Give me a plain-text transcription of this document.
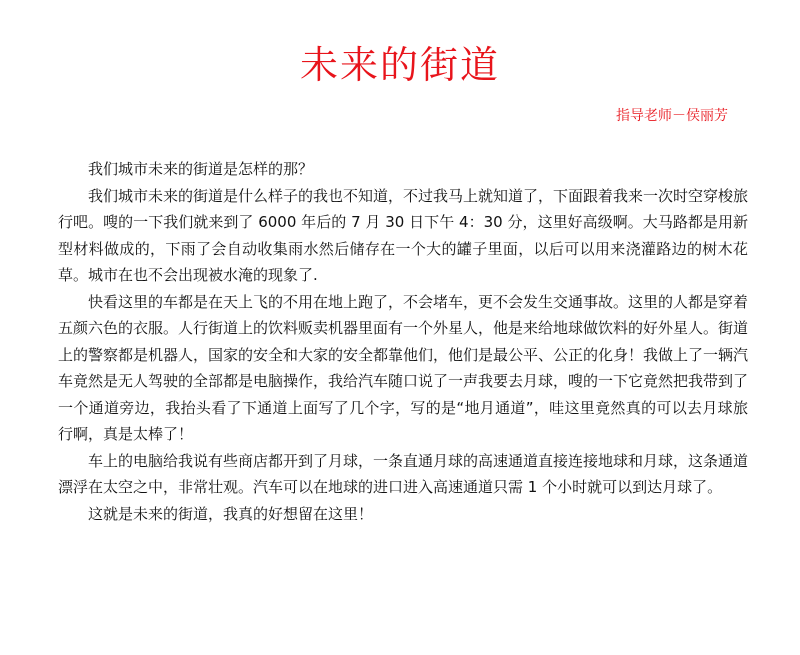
未来的街道
指导老师－侯丽芳

我们城市未来的街道是怎样的那？

我们城市未来的街道是什么样子的我也不知道，不过我马上就知道了，下面跟着我来一次时空穿梭旅行吧。嗖的一下我们就来到了 6000 年后的 7 月 30 日下午 4：30 分，这里好高级啊。大马路都是用新型材料做成的，下雨了会自动收集雨水然后储存在一个大的罐子里面，以后可以用来浇灌路边的树木花草。城市在也不会出现被水淹的现象了.

快看这里的车都是在天上飞的不用在地上跑了，不会堵车，更不会发生交通事故。这里的人都是穿着五颜六色的衣服。人行街道上的饮料贩卖机器里面有一个外星人，他是来给地球做饮料的好外星人。街道上的警察都是机器人，国家的安全和大家的安全都靠他们，他们是最公平、公正的化身！我做上了一辆汽车竟然是无人驾驶的全部都是电脑操作，我给汽车随口说了一声我要去月球，嗖的一下它竟然把我带到了一个通道旁边，我抬头看了下通道上面写了几个字，写的是“地月通道”，哇这里竟然真的可以去月球旅行啊，真是太棒了！

车上的电脑给我说有些商店都开到了月球，一条直通月球的高速通道直接连接地球和月球，这条通道漂浮在太空之中，非常壮观。汽车可以在地球的进口进入高速通道只需 1 个小时就可以到达月球了。

这就是未来的街道，我真的好想留在这里！
